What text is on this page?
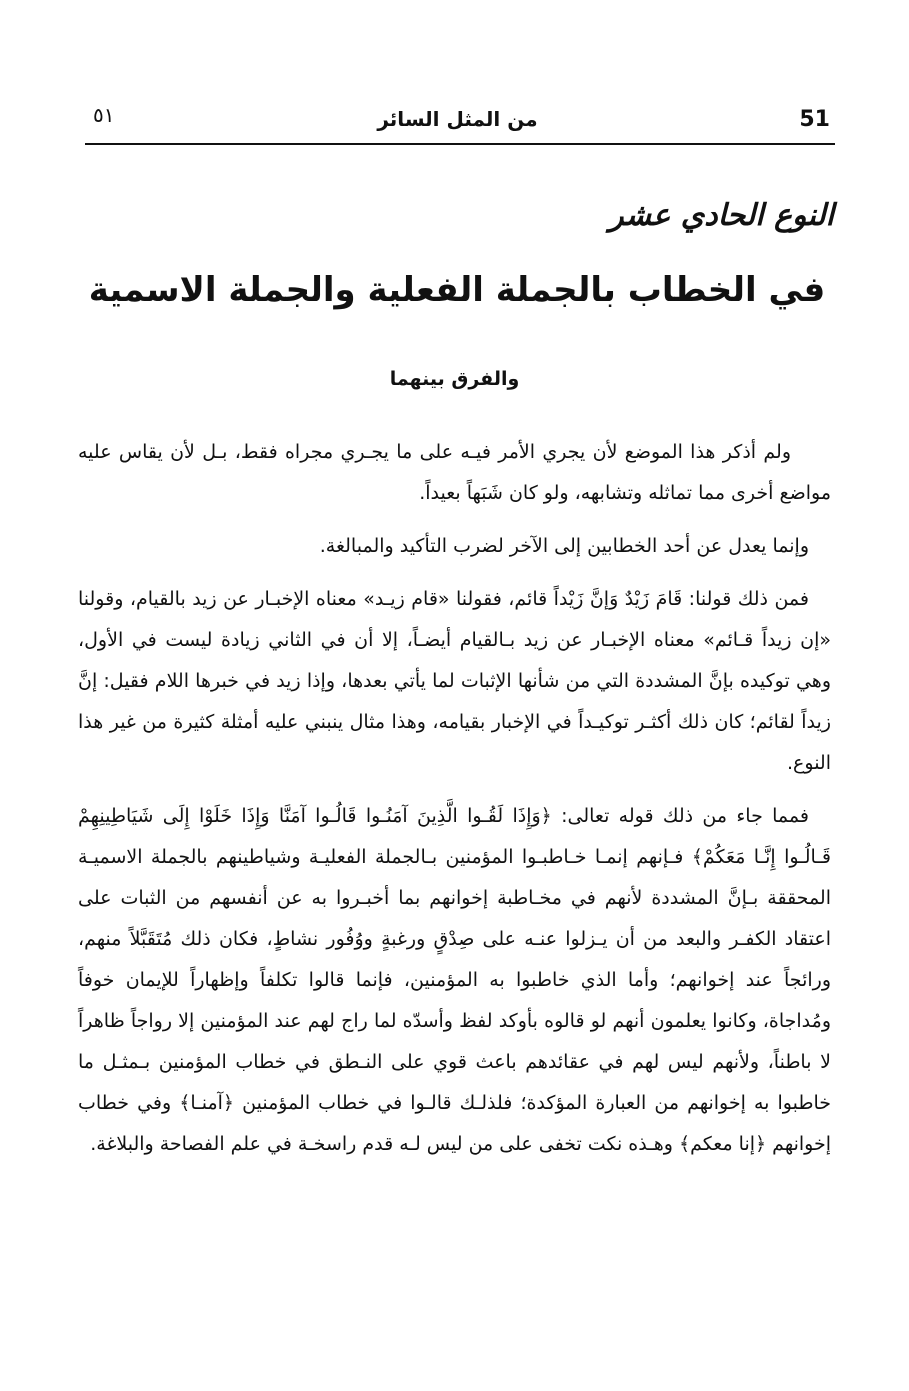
51
من المثل السائر
٥١
النوع الحادي عشر
في الخطاب بالجملة الفعلية والجملة الاسمية
والفرق بينهما

ولم أذكر هذا الموضع لأن يجري الأمر فيـه على ما يجـري مجراه فقط، بـل لأن يقاس عليه مواضع أخرى مما تماثله وتشابهه، ولو كان شَبَهاً بعيداً.

وإنما يعدل عن أحد الخطابين إلى الآخر لضرب التأكيد والمبالغة.

فمن ذلك قولنا: قَامَ زَيْدٌ وَإنَّ زَيْداً قائم، فقولنا «قام زيـد» معناه الإخبـار عن زيد بالقيام، وقولنا «إن زيداً قـائم» معناه الإخبـار عن زيد بـالقيام أيضـاً، إلا أن في الثاني زيادة ليست في الأول، وهي توكيده بإنَّ المشددة التي من شأنها الإثبات لما يأتي بعدها، وإذا زيد في خبرها اللام فقيل: إنَّ زيداً لقائم؛ كان ذلك أكثـر توكيـداً في الإخبار بقيامه، وهذا مثال ينبني عليه أمثلة كثيرة من غير هذا النوع.

فمما جاء من ذلك قوله تعالى: ﴿وَإِذَا لَقُـوا الَّذِينَ آمَنُـوا قَالُـوا آمَنَّا وَإِذَا خَلَوْا إِلَى شَيَاطِينِهِمْ قَـالُـوا إِنَّـا مَعَكُمْ﴾ فـإنهم إنمـا خـاطبـوا المؤمنين بـالجملة الفعليـة وشياطينهم بالجملة الاسميـة المحققة بـإنَّ المشددة لأنهم في مخـاطبة إخوانهم بما أخبـروا به عن أنفسهم من الثبات على اعتقاد الكفـر والبعد من أن يـزلوا عنـه على صِدْقٍ ورغبةٍ ووُفُور نشاطٍ، فكان ذلك مُتَقَبَّلاً منهم، ورائجاً عند إخوانهم؛ وأما الذي خاطبوا به المؤمنين، فإنما قالوا تكلفاً وإظهاراً للإيمان خوفاً ومُداجاة، وكانوا يعلمون أنهم لو قالوه بأوكد لفظ وأسدّه لما راج لهم عند المؤمنين إلا رواجاً ظاهراً لا باطناً، ولأنهم ليس لهم في عقائدهم باعث قوي على النـطق في خطاب المؤمنين بـمثـل ما خاطبوا به إخوانهم من العبارة المؤكدة؛ فلذلـك قالـوا في خطاب المؤمنين ﴿آمنـا﴾ وفي خطاب إخوانهم ﴿إنا معكم﴾ وهـذه نكت تخفى على من ليس لـه قدم راسخـة في علم الفصاحة والبلاغة.
